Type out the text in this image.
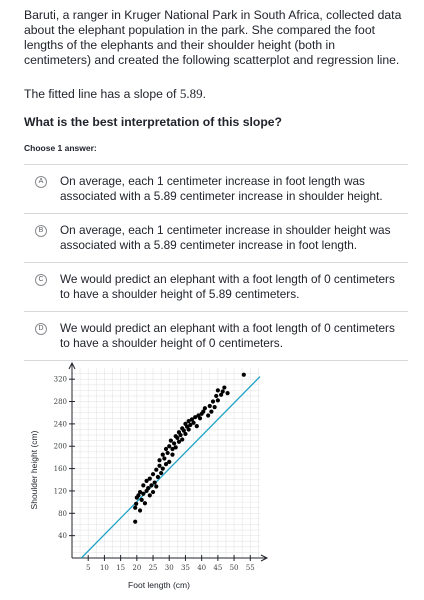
Baruti, a ranger in Kruger National Park in South Africa, collected data about the elephant population in the park. She compared the foot lengths of the elephants and their shoulder height (both in centimeters) and created the following scatterplot and regression line.
The fitted line has a slope of 5.89.
What is the best interpretation of this slope?
Choose 1 answer:
A	On average, each 1 centimeter increase in foot length was associated with a 5.89 centimeter increase in shoulder height.
B	On average, each 1 centimeter increase in shoulder height was associated with a 5.89 centimeter increase in foot length.
C We would predict an elephant with a foot length of 0 centimeters to have a shoulder height of 5.89 centimeters.
D We would predict an elephant with a foot length of 0 centimeters to have a shoulder height of 0 centimeters.
40
80
120
160
200
240
280
320
5 10 15 20 25 30 35 40 45 50 55
Foot length (cm)
Shoulder height (cm)
